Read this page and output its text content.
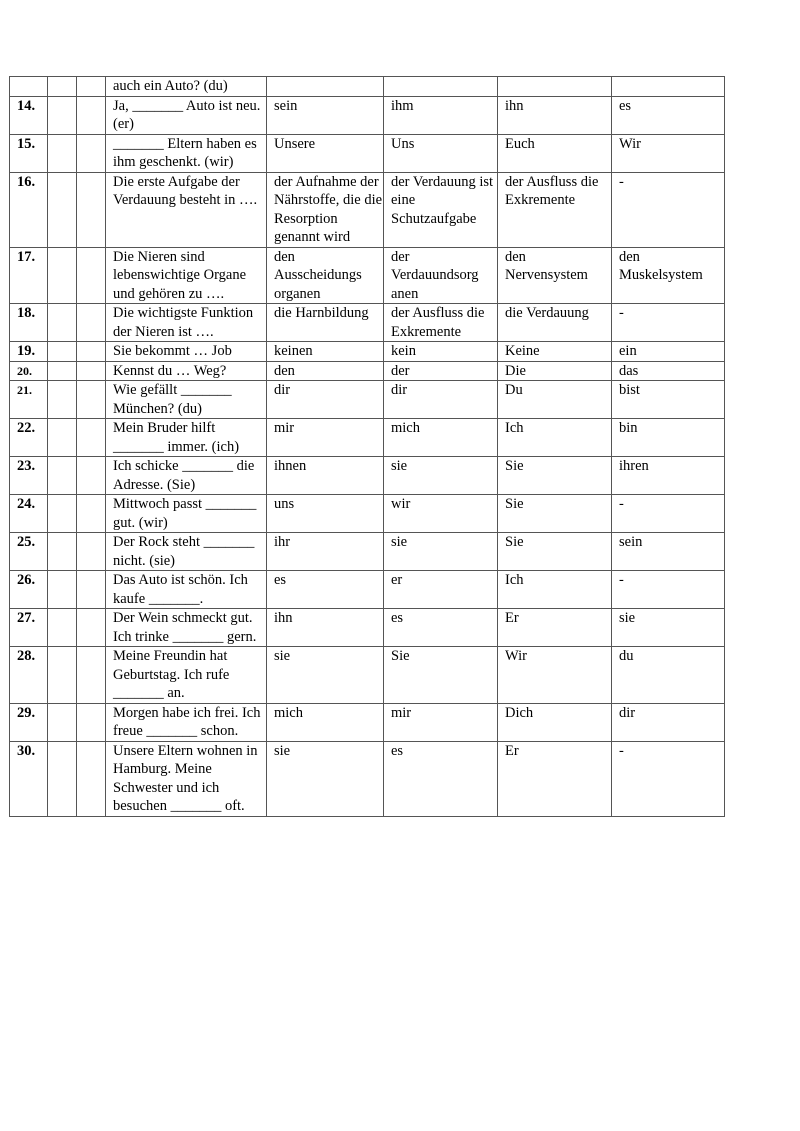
			auch ein Auto? (du)				
14.			Ja, _______ Auto ist neu. (er)	sein	ihm	ihn	es
15.			_______ Eltern haben es ihm geschenkt. (wir)	Unsere	Uns	Euch	Wir
16.			Die erste Aufgabe der Verdauung besteht in ….	der Aufnahme der Nährstoffe, die die Resorption genannt wird	der Verdauung ist eine Schutzaufgabe	der Ausfluss die Exkremente	-
17.			Die Nieren sind lebenswichtige Organe und gehören zu ….	den Ausscheidungs organen	der Verdauundsorg anen	den Nervensystem	den Muskelsystem
18.			Die wichtigste Funktion der Nieren ist ….	die Harnbildung	der Ausfluss die Exkremente	die Verdauung	-
19.			Sie bekommt … Job	keinen	kein	Keine	ein
20.			Kennst du … Weg?	den	der	Die	das
21.			Wie gefällt _______ München? (du)	dir	dir	Du	bist
22.			Mein Bruder hilft _______ immer. (ich)	mir	mich	Ich	bin
23.			Ich schicke _______ die Adresse. (Sie)	ihnen	sie	Sie	ihren
24.			Mittwoch passt _______ gut. (wir)	uns	wir	Sie	-
25.			Der Rock steht _______ nicht. (sie)	ihr	sie	Sie	sein
26.			Das Auto ist schön. Ich kaufe _______.	es	er	Ich	-
27.			Der Wein schmeckt gut. Ich trinke _______ gern.	ihn	es	Er	sie
28.			Meine Freundin hat Geburtstag. Ich rufe _______ an.	sie	Sie	Wir	du
29.			Morgen habe ich frei. Ich freue _______ schon.	mich	mir	Dich	dir
30.			Unsere Eltern wohnen in Hamburg. Meine Schwester und ich besuchen _______ oft.	sie	es	Er	-
